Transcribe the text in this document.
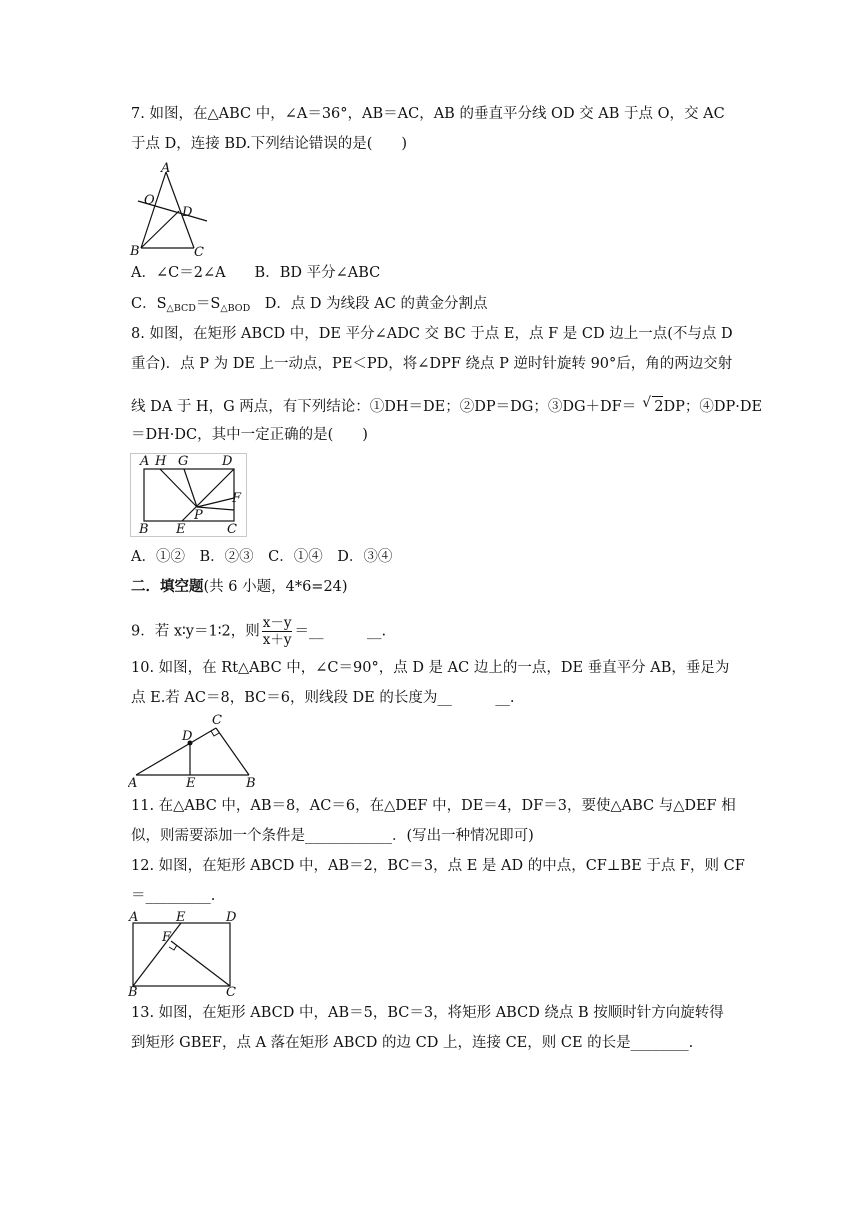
7. 如图，在△ABC 中，∠A＝36°，AB＝AC，AB 的垂直平分线 OD 交 AB 于点 O，交 AC
于点 D，连接 BD.下列结论错误的是(　　)
A
O
D
B	C
A．∠C＝2∠A　　B．BD 平分∠ABC
C．$S_{\triangle BCD}=S_{\triangle BOD}$　D．点 D 为线段 AC 的黄金分割点
8. 如图，在矩形 ABCD 中，DE 平分∠ADC 交 BC 于点 E，点 F 是 CD 边上一点(不与点 D
重合)．点 P 为 DE 上一动点，PE＜PD，将∠DPF 绕点 P 逆时针旋转 90°后，角的两边交射
线 DA 于 H，G 两点，有下列结论：①DH＝DE；②DP＝DG；③DG＋DF＝√ 2DP；④DP·DE
＝DH·DC，其中一定正确的是(　　)
A H G	D
F
P
B E	C
A．①②　B．②③　C．①④　D．③④
二．填空题(共 6 小题，4*6=24)
9．若 x∶y＝1∶2，则 $\frac{x-y}{x+y}$ ＝__　　　__.
10. 如图，在 Rt△ABC 中，∠C＝90°，点 D 是 AC 边上的一点，DE 垂直平分 AB，垂足为
点 E.若 AC＝8，BC＝6，则线段 DE 的长度为__　　　__.
A	B
C
D
E
11. 在△ABC 中，AB＝8，AC＝6，在△DEF 中，DE＝4，DF＝3，要使△ABC 与△DEF 相
似，则需要添加一个条件是____________．(写出一种情况即可)
12. 如图，在矩形 ABCD 中，AB＝2，BC＝3，点 E 是 AD 的中点，CF⊥BE 于点 F，则 CF
＝_________.
A	E	D
F
B	C
13. 如图，在矩形 ABCD 中，AB＝5，BC＝3，将矩形 ABCD 绕点 B 按顺时针方向旋转得
到矩形 GBEF，点 A 落在矩形 ABCD 的边 CD 上，连接 CE，则 CE 的长是________.
